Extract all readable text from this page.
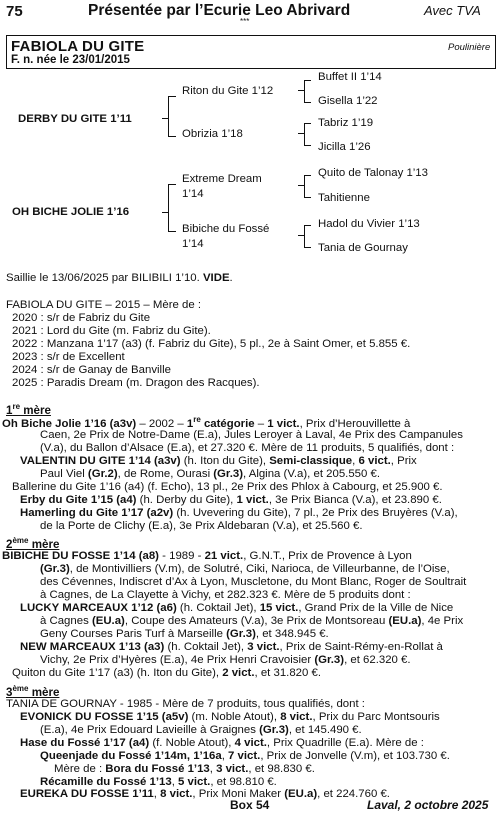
75	Présentée par l’Ecurie Leo Abrivard	Avec TVA
***
FABIOLA DU GITE	Poulinière
F. n. née le 23/01/2015
DERBY DU GITE 1’11
OH BICHE JOLIE 1’16
Riton du Gite 1’12
Obrizia 1’18
Extreme Dream
1’14
Bibiche du Fossé
1’14
Buffet II 1’14
Gisella 1’22
Tabriz 1’19
Jicilla 1’26
Quito de Talonay 1’13
Tahitienne
Hadol du Vivier 1’13
Tania de Gournay
Saillie le 13/06/2025 par BILIBILI 1’10. VIDE.
FABIOLA DU GITE – 2015 – Mère de :
2020 : s/r de Fabriz du Gite
2021 : Lord du Gite (m. Fabriz du Gite).
2022 : Manzana 1’17 (a3) (f. Fabriz du Gite), 5 pl., 2e à Saint Omer, et 5.855 €.
2023 : s/r de Excellent
2024 : s/r de Ganay de Banville
2025 : Paradis Dream (m. Dragon des Racques).
1re mère
Oh Biche Jolie 1’16 (a3v) – 2002 – 1re catégorie – 1 vict., Prix d’Herouvillette à
Caen, 2e Prix de Notre-Dame (E.a), Jules Leroyer à Laval, 4e Prix des Campanules
(V.a), du Ballon d’Alsace (E.a), et 27.320 €. Mère de 11 produits, 5 qualifiés, dont :
VALENTIN DU GITE 1’14 (a3v) (h. Iton du Gite), Semi-classique, 6 vict., Prix
Paul Viel (Gr.2), de Rome, Ourasi (Gr.3), Algina (V.a), et 205.550 €.
Ballerine du Gite 1’16 (a4) (f. Echo), 13 pl., 2e Prix des Phlox à Cabourg, et 25.900 €.
Erby du Gite 1’15 (a4) (h. Derby du Gite), 1 vict., 3e Prix Bianca (V.a), et 23.890 €.
Hamerling du Gite 1’17 (a2v) (h. Uvevering du Gite), 7 pl., 2e Prix des Bruyères (V.a),
de la Porte de Clichy (E.a), 3e Prix Aldebaran (V.a), et 25.560 €.
2ème mère
BIBICHE DU FOSSE 1’14 (a8) - 1989 - 21 vict., G.N.T., Prix de Provence à Lyon
(Gr.3), de Montivilliers (V.m), de Solutré, Ciki, Narioca, de Villeurbanne, de l’Oise,
des Cévennes, Indiscret d’Ax à Lyon, Muscletone, du Mont Blanc, Roger de Soultrait
à Cagnes, de La Clayette à Vichy, et 282.323 €. Mère de 5 produits dont :
LUCKY MARCEAUX 1’12 (a6) (h. Coktail Jet), 15 vict., Grand Prix de la Ville de Nice
à Cagnes (EU.a), Coupe des Amateurs (V.a), 3e Prix de Montsoreau (EU.a), 4e Prix
Geny Courses Paris Turf à Marseille (Gr.3), et 348.945 €.
NEW MARCEAUX 1’13 (a3) (h. Coktail Jet), 3 vict., Prix de Saint-Rémy-en-Rollat à
Vichy, 2e Prix d’Hyères (E.a), 4e Prix Henri Cravoisier (Gr.3), et 62.320 €.
Quiton du Gite 1’17 (a3) (h. Iton du Gite), 2 vict., et 31.820 €.
3ème mère
TANIA DE GOURNAY - 1985 - Mère de 7 produits, tous qualifiés, dont :
EVONICK DU FOSSE 1’15 (a5v) (m. Noble Atout), 8 vict., Prix du Parc Montsouris
(E.a), 4e Prix Edouard Lavieille à Graignes (Gr.3), et 145.490 €.
Hase du Fossé 1’17 (a4) (f. Noble Atout), 4 vict., Prix Quadrille (E.a). Mère de :
Queenjade du Fossé 1’14m, 1’16a, 7 vict., Prix de Jonvelle (V.m), et 103.730 €.
Mère de : Bora du Fossé 1’13, 3 vict., et 98.830 €.
Récamille du Fossé 1’13, 5 vict., et 98.810 €.
EUREKA DU FOSSE 1’11, 8 vict., Prix Moni Maker (EU.a), et 224.760 €.
Box 54	Laval, 2 octobre 2025
